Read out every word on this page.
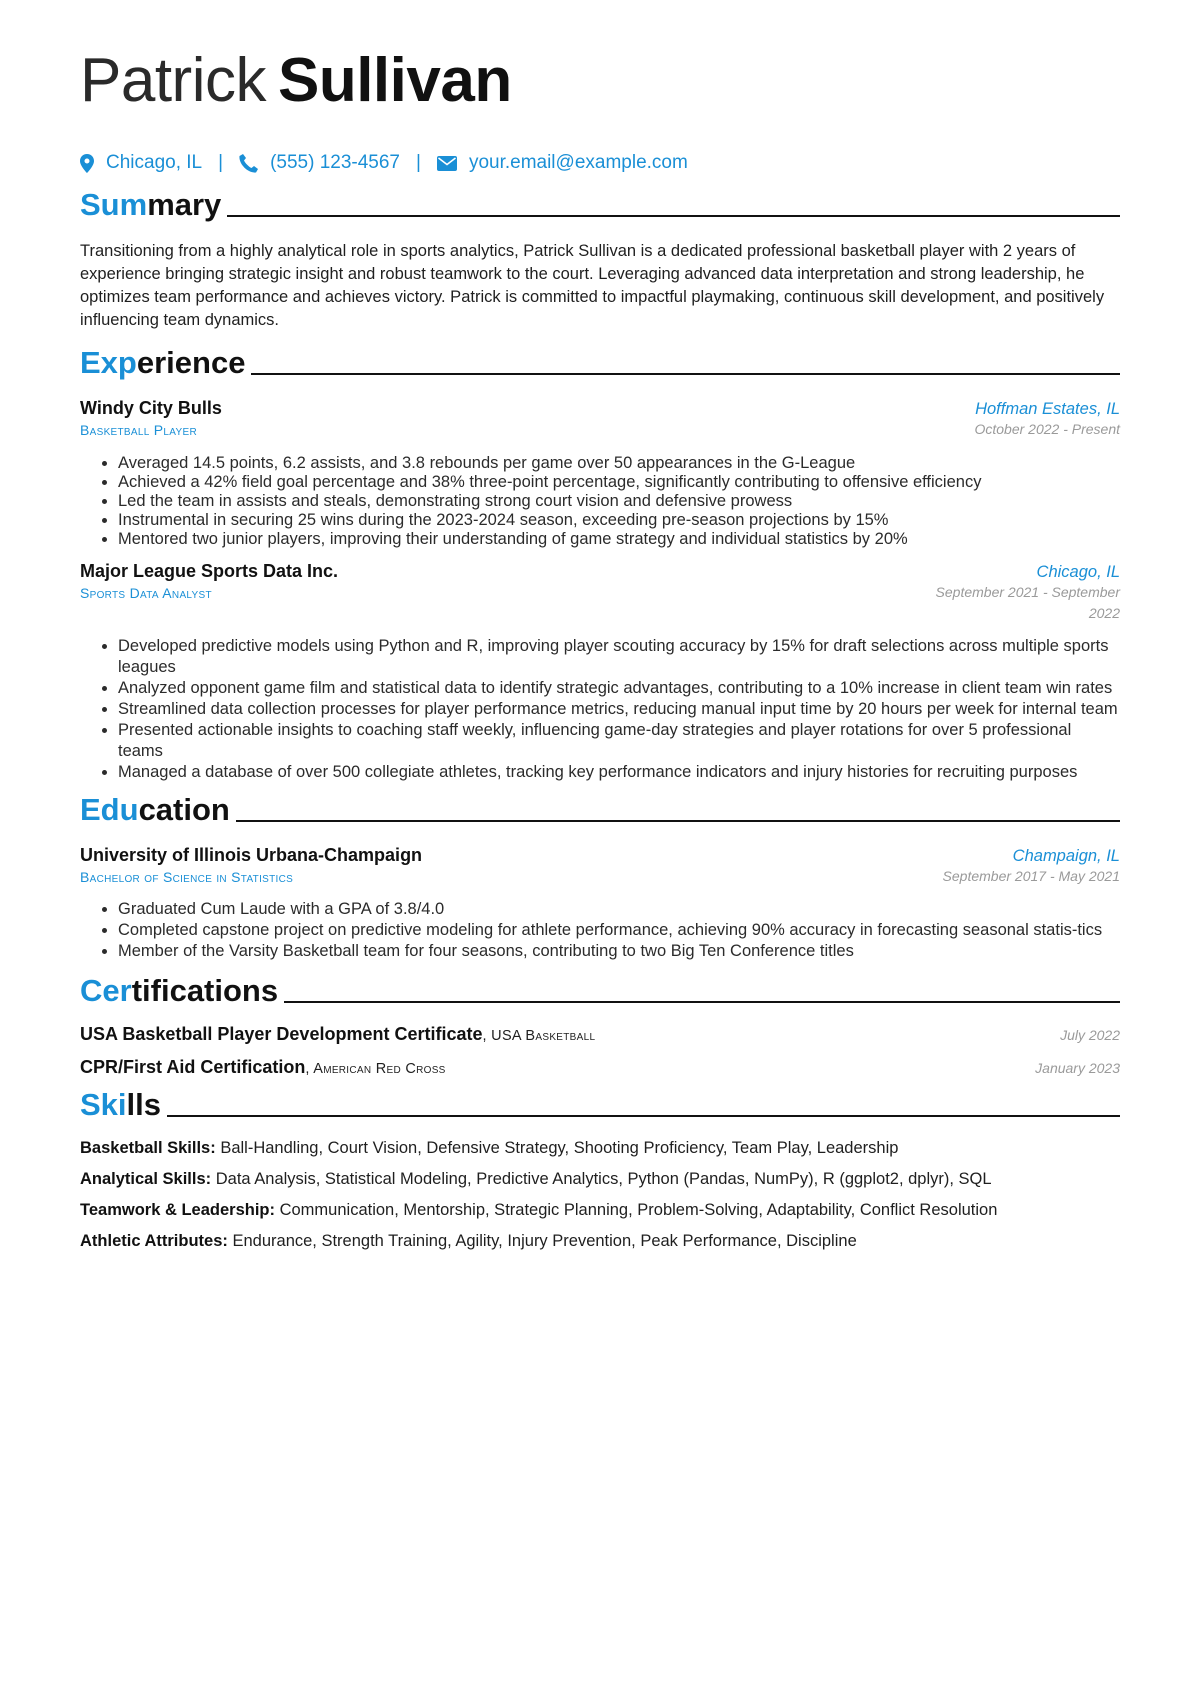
Patrick Sullivan
Chicago, IL | (555) 123-4567 |	your.email@example.com
Summary
Transitioning from a highly analytical role in sports analytics, Patrick Sullivan is a dedicated professional basketball player with 2 years of experience bringing strategic insight and robust teamwork to the court. Leveraging advanced data interpretation and strong leadership, he optimizes team performance and achieves victory. Patrick is committed to impactful playmaking, continuous skill development, and positively influencing team dynamics.
Experience
Windy City Bulls	Hoffman Estates, IL
Basketball Player	October 2022 - Present
• Averaged 14.5 points, 6.2 assists, and 3.8 rebounds per game over 50 appearances in the G-League
• Achieved a 42% field goal percentage and 38% three-point percentage, significantly contributing to offensive efficiency
• Led the team in assists and steals, demonstrating strong court vision and defensive prowess
• Instrumental in securing 25 wins during the 2023-2024 season, exceeding pre-season projections by 15%
• Mentored two junior players, improving their understanding of game strategy and individual statistics by 20%
Major League Sports Data Inc.	Chicago, IL
Sports Data Analyst	September 2021 - September 2022
• Developed predictive models using Python and R, improving player scouting accuracy by 15% for draft selections across multiple sports leagues
• Analyzed opponent game film and statistical data to identify strategic advantages, contributing to a 10% increase in client team win rates
• Streamlined data collection processes for player performance metrics, reducing manual input time by 20 hours per week for internal team
• Presented actionable insights to coaching staff weekly, influencing game-day strategies and player rotations for over 5 professional teams
• Managed a database of over 500 collegiate athletes, tracking key performance indicators and injury histories for recruiting purposes
Education
University of Illinois Urbana-Champaign	Champaign, IL
Bachelor of Science in Statistics	September 2017 - May 2021
• Graduated Cum Laude with a GPA of 3.8/4.0
• Completed capstone project on predictive modeling for athlete performance, achieving 90% accuracy in forecasting seasonal statis-tics
• Member of the Varsity Basketball team for four seasons, contributing to two Big Ten Conference titles
Certifications
USA Basketball Player Development Certificate, USA Basketball	July 2022
CPR/First Aid Certification, American Red Cross	January 2023
Skills
Basketball Skills: Ball-Handling, Court Vision, Defensive Strategy, Shooting Proficiency, Team Play, Leadership
Analytical Skills: Data Analysis, Statistical Modeling, Predictive Analytics, Python (Pandas, NumPy), R (ggplot2, dplyr), SQL
Teamwork & Leadership: Communication, Mentorship, Strategic Planning, Problem-Solving, Adaptability, Conflict Resolution
Athletic Attributes: Endurance, Strength Training, Agility, Injury Prevention, Peak Performance, Discipline
